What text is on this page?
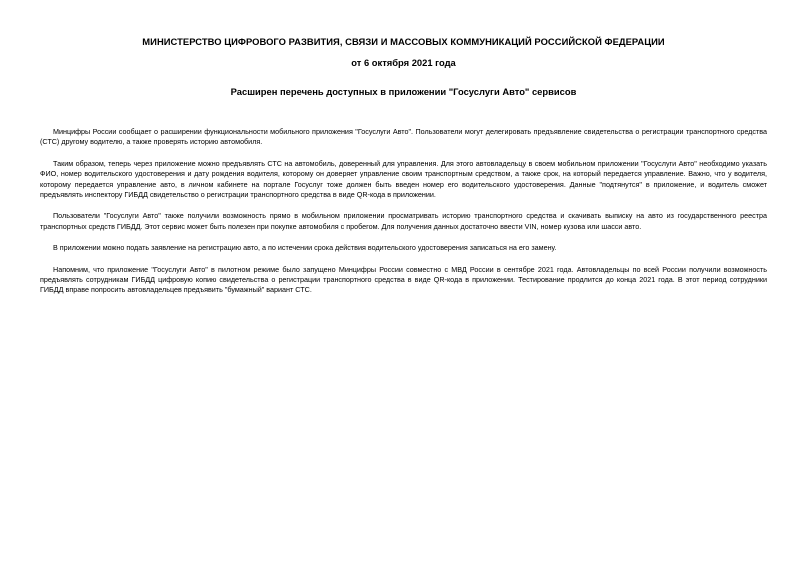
МИНИСТЕРСТВО ЦИФРОВОГО РАЗВИТИЯ, СВЯЗИ И МАССОВЫХ КОММУНИКАЦИЙ РОССИЙСКОЙ ФЕДЕРАЦИИ

от 6 октября 2021 года

Расширен перечень доступных в приложении "Госуслуги Авто" сервисов

Минцифры России сообщает о расширении функциональности мобильного приложения "Госуслуги Авто". Пользователи могут делегировать предъявление свидетельства о регистрации транспортного средства (СТС) другому водителю, а также проверять историю автомобиля.

Таким образом, теперь через приложение можно предъявлять СТС на автомобиль, доверенный для управления. Для этого автовладельцу в своем мобильном приложении "Госуслуги Авто" необходимо указать ФИО, номер водительского удостоверения и дату рождения водителя, которому он доверяет управление своим транспортным средством, а также срок, на который передается управление. Важно, что у водителя, которому передается управление авто, в личном кабинете на портале Госуслуг тоже должен быть введен номер его водительского удостоверения. Данные "подтянутся" в приложение, и водитель сможет предъявлять инспектору ГИБДД свидетельство о регистрации транспортного средства в виде QR-кода в приложении.

Пользователи "Госуслуги Авто" также получили возможность прямо в мобильном приложении просматривать историю транспортного средства и скачивать выписку на авто из государственного реестра транспортных средств ГИБДД. Этот сервис может быть полезен при покупке автомобиля с пробегом. Для получения данных достаточно ввести VIN, номер кузова или шасси авто.

В приложении можно подать заявление на регистрацию авто, а по истечении срока действия водительского удостоверения записаться на его замену.

Напомним, что приложение "Госуслуги Авто" в пилотном режиме было запущено Минцифры России совместно с МВД России в сентябре 2021 года. Автовладельцы по всей России получили возможность предъявлять сотрудникам ГИБДД цифровую копию свидетельства о регистрации транспортного средства в виде QR-кода в приложении. Тестирование продлится до конца 2021 года. В этот период сотрудники ГИБДД вправе попросить автовладельцев предъявить "бумажный" вариант СТС.
